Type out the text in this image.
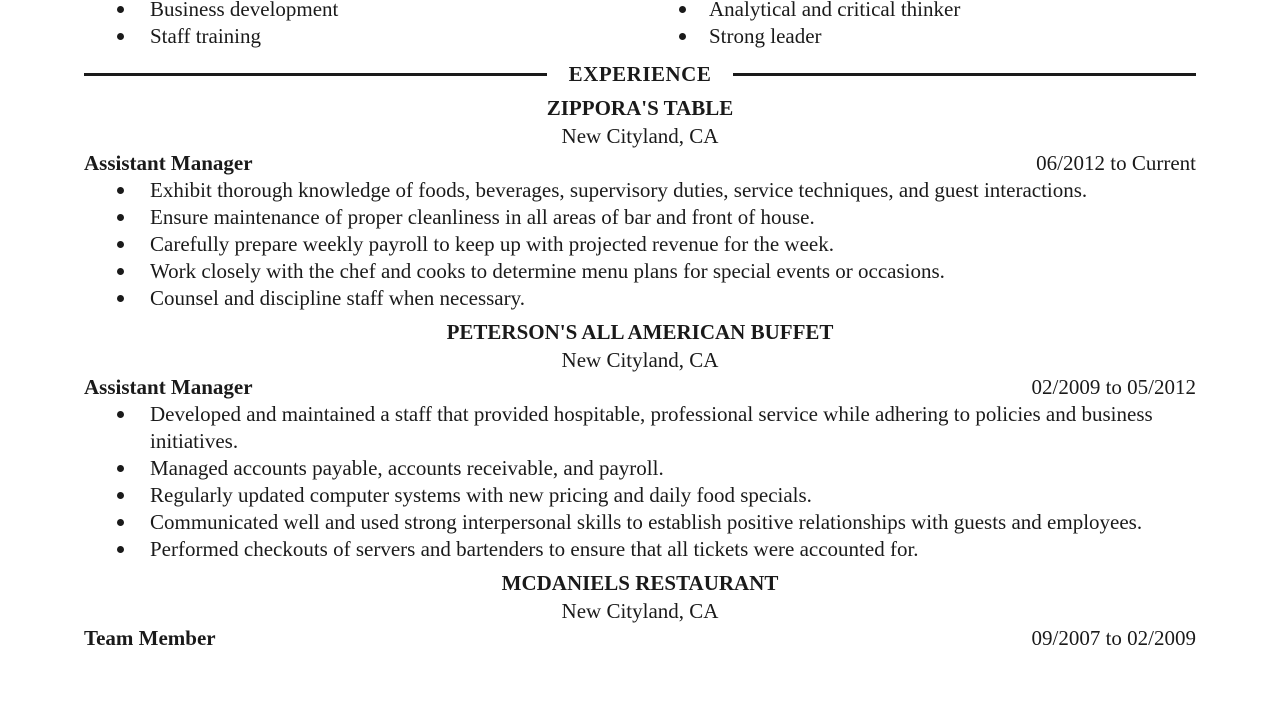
Business development
Staff training
Analytical and critical thinker
Strong leader
EXPERIENCE
ZIPPORA'S TABLE
New Cityland, CA
Assistant Manager	06/2012 to Current
Exhibit thorough knowledge of foods, beverages, supervisory duties, service techniques, and guest interactions.
Ensure maintenance of proper cleanliness in all areas of bar and front of house.
Carefully prepare weekly payroll to keep up with projected revenue for the week.
Work closely with the chef and cooks to determine menu plans for special events or occasions.
Counsel and discipline staff when necessary.
PETERSON'S ALL AMERICAN BUFFET
New Cityland, CA
Assistant Manager	02/2009 to 05/2012
Developed and maintained a staff that provided hospitable, professional service while adhering to policies and business initiatives.
Managed accounts payable, accounts receivable, and payroll.
Regularly updated computer systems with new pricing and daily food specials.
Communicated well and used strong interpersonal skills to establish positive relationships with guests and employees.
Performed checkouts of servers and bartenders to ensure that all tickets were accounted for.
MCDANIELS RESTAURANT
New Cityland, CA
Team Member	09/2007 to 02/2009
